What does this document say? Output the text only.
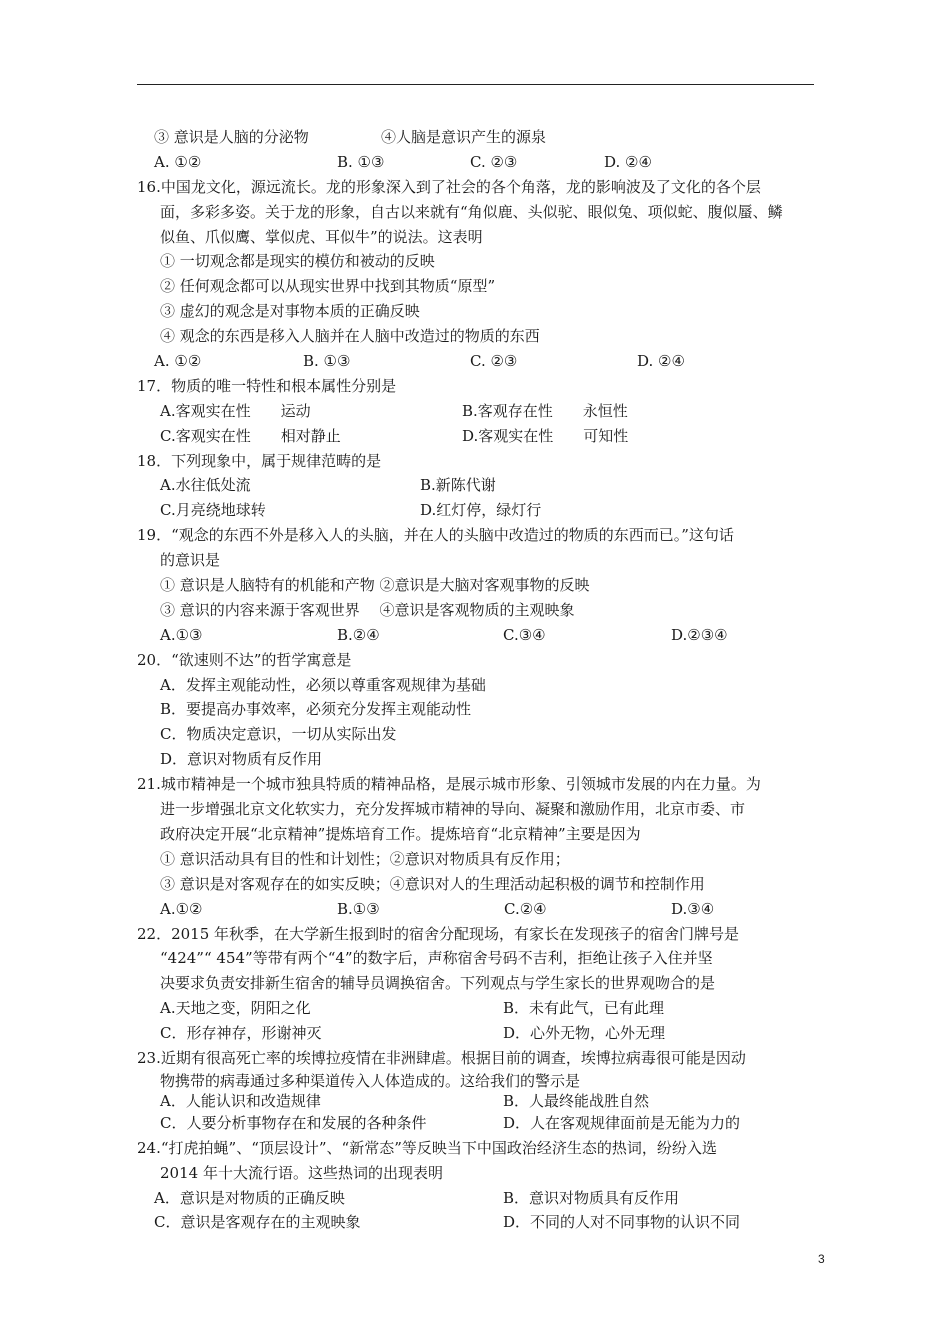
③ 意识是人脑的分泌物	④人脑是意识产生的源泉
A. ①②	B. ①③	C. ②③	D. ②④
16.中国龙文化，源远流长。龙的形象深入到了社会的各个角落，龙的影响波及了文化的各个层
面，多彩多姿。关于龙的形象，自古以来就有“角似鹿、头似驼、眼似兔、项似蛇、腹似蜃、鳞
似鱼、爪似鹰、掌似虎、耳似牛”的说法。这表明
① 一切观念都是现实的模仿和被动的反映
② 任何观念都可以从现实世界中找到其物质“原型”
③ 虚幻的观念是对事物本质的正确反映
④ 观念的东西是移入人脑并在人脑中改造过的物质的东西
A. ①②	B. ①③	C. ②③	D. ②④
17．物质的唯一特性和根本属性分别是
A.客观实在性　　运动	B.客观存在性　　永恒性
C.客观实在性　　相对静止	D.客观实在性　　可知性
18．下列现象中，属于规律范畴的是
A.水往低处流	B.新陈代谢
C.月亮绕地球转	D.红灯停，绿灯行
19．“观念的东西不外是移入人的头脑，并在人的头脑中改造过的物质的东西而已。”这句话
的意识是
① 意识是人脑特有的机能和产物 ②意识是大脑对客观事物的反映
③ 意识的内容来源于客观世界　 ④意识是客观物质的主观映象
A.①③	B.②④	C.③④	D.②③④
20．“欲速则不达”的哲学寓意是
A．发挥主观能动性，必须以尊重客观规律为基础
B．要提高办事效率，必须充分发挥主观能动性
C．物质决定意识，一切从实际出发
D．意识对物质有反作用
21.城市精神是一个城市独具特质的精神品格，是展示城市形象、引领城市发展的内在力量。为
进一步增强北京文化软实力，充分发挥城市精神的导向、凝聚和激励作用，北京市委、市
政府决定开展“北京精神”提炼培育工作。提炼培育“北京精神”主要是因为
① 意识活动具有目的性和计划性；②意识对物质具有反作用；
③ 意识是对客观存在的如实反映；④意识对人的生理活动起积极的调节和控制作用
A.①②	B.①③	C.②④	D.③④
22．2015 年秋季，在大学新生报到时的宿舍分配现场，有家长在发现孩子的宿舍门牌号是
“424”“ 454”等带有两个“4”的数字后，声称宿舍号码不吉利，拒绝让孩子入住并坚
决要求负责安排新生宿舍的辅导员调换宿舍。下列观点与学生家长的世界观吻合的是
A.天地之变，阴阳之化	B．未有此气，已有此理
C．形存神存，形谢神灭	D．心外无物，心外无理
23.近期有很高死亡率的埃博拉疫情在非洲肆虐。根据目前的调查，埃博拉病毒很可能是因动
物携带的病毒通过多种渠道传入人体造成的。这给我们的警示是
A．人能认识和改造规律	B．人最终能战胜自然
C．人要分析事物存在和发展的各种条件	D．人在客观规律面前是无能为力的
24.“打虎拍蝇”、“顶层设计”、“新常态”等反映当下中国政治经济生态的热词，纷纷入选
2014 年十大流行语。这些热词的出现表明
A．意识是对物质的正确反映	B．意识对物质具有反作用
C．意识是客观存在的主观映象	D．不同的人对不同事物的认识不同
3
